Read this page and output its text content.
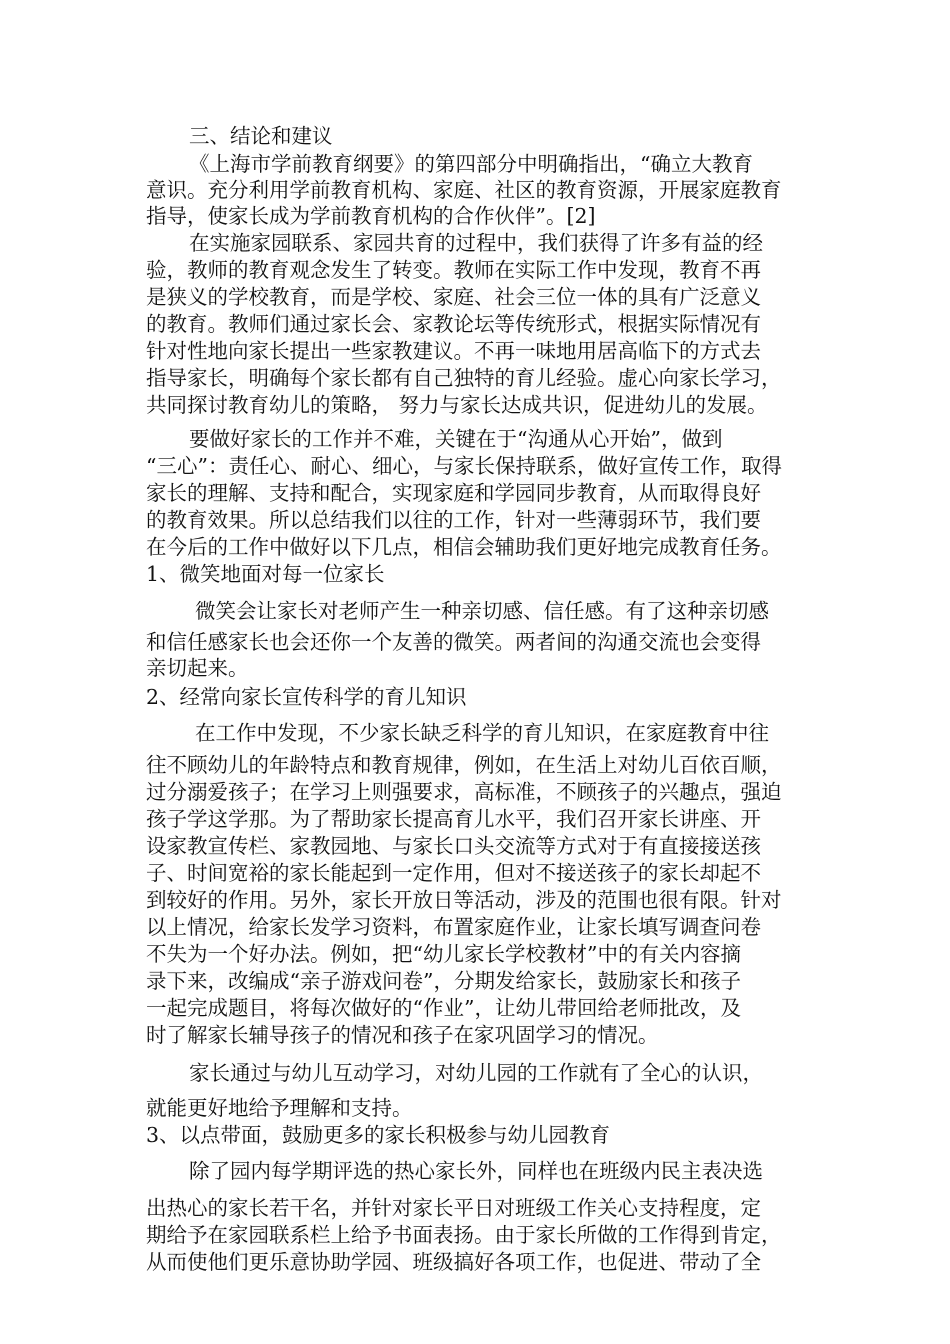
三、结论和建议
《上海市学前教育纲要》的第四部分中明确指出，“确立大教育
意识。充分利用学前教育机构、家庭、社区的教育资源，开展家庭教育
指导，使家长成为学前教育机构的合作伙伴”。[2]
在实施家园联系、家园共育的过程中，我们获得了许多有益的经
验，教师的教育观念发生了转变。教师在实际工作中发现，教育不再
是狭义的学校教育，而是学校、家庭、社会三位一体的具有广泛意义
的教育。教师们通过家长会、家教论坛等传统形式，根据实际情况有
针对性地向家长提出一些家教建议。不再一味地用居高临下的方式去
指导家长，明确每个家长都有自己独特的育儿经验。虚心向家长学习，
共同探讨教育幼儿的策略， 努力与家长达成共识，促进幼儿的发展。
要做好家长的工作并不难，关键在于“沟通从心开始”，做到
“三心”：责任心、耐心、细心，与家长保持联系，做好宣传工作，取得
家长的理解、支持和配合，实现家庭和学园同步教育，从而取得良好
的教育效果。所以总结我们以往的工作，针对一些薄弱环节，我们要
在今后的工作中做好以下几点，相信会辅助我们更好地完成教育任务。
1、微笑地面对每一位家长
微笑会让家长对老师产生一种亲切感、信任感。有了这种亲切感
和信任感家长也会还你一个友善的微笑。两者间的沟通交流也会变得
亲切起来。
2、经常向家长宣传科学的育儿知识
在工作中发现，不少家长缺乏科学的育儿知识，在家庭教育中往
往不顾幼儿的年龄特点和教育规律，例如，在生活上对幼儿百依百顺，
过分溺爱孩子；在学习上则强要求，高标准，不顾孩子的兴趣点，强迫
孩子学这学那。为了帮助家长提高育儿水平，我们召开家长讲座、开
设家教宣传栏、家教园地、与家长口头交流等方式对于有直接接送孩
子、时间宽裕的家长能起到一定作用，但对不接送孩子的家长却起不
到较好的作用。另外，家长开放日等活动，涉及的范围也很有限。针对
以上情况，给家长发学习资料，布置家庭作业，让家长填写调查问卷
不失为一个好办法。例如，把“幼儿家长学校教材”中的有关内容摘
录下来，改编成“亲子游戏问卷”，分期发给家长，鼓励家长和孩子
一起完成题目，将每次做好的“作业”，让幼儿带回给老师批改，及
时了解家长辅导孩子的情况和孩子在家巩固学习的情况。
家长通过与幼儿互动学习，对幼儿园的工作就有了全心的认识，
就能更好地给予理解和支持。
3、以点带面，鼓励更多的家长积极参与幼儿园教育
除了园内每学期评选的热心家长外，同样也在班级内民主表决选
出热心的家长若干名，并针对家长平日对班级工作关心支持程度，定
期给予在家园联系栏上给予书面表扬。由于家长所做的工作得到肯定，
从而使他们更乐意协助学园、班级搞好各项工作，也促进、带动了全
